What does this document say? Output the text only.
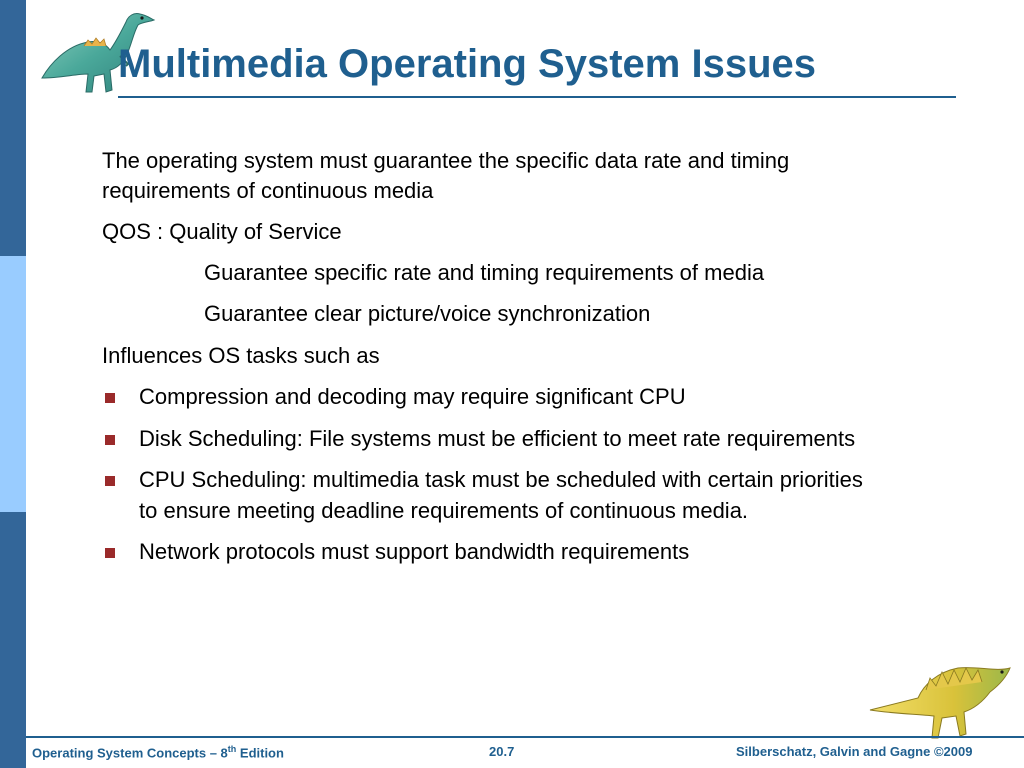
Multimedia Operating System Issues
The operating system must guarantee the specific data rate and timing
requirements of continuous media
QOS : Quality of Service
Guarantee specific rate and timing requirements of media
Guarantee clear picture/voice synchronization
Influences OS tasks such as
Compression and decoding may require significant CPU
Disk Scheduling: File systems must be efficient to meet rate requirements
CPU Scheduling: multimedia task must be scheduled with certain priorities
to ensure meeting deadline requirements of continuous media.
Network protocols must support bandwidth requirements
Operating System Concepts – 8th Edition	20.7	Silberschatz, Galvin and Gagne ©2009
